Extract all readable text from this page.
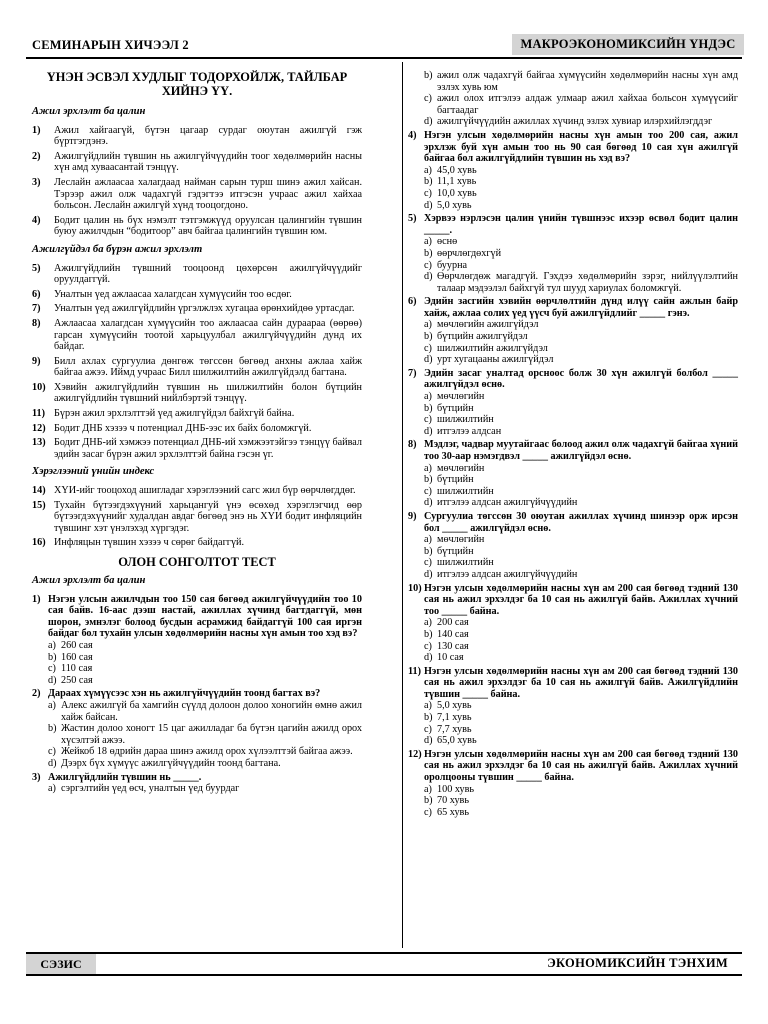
СЕМИНАРЫН ХИЧЭЭЛ 2	МАКРОЭКОНОМИКСИЙН ҮНДЭС
ҮНЭН ЭСВЭЛ ХУДЛЫГ ТОДОРХОЙЛЖ, ТАЙЛБАР ХИЙНЭ ҮҮ.
Ажил эрхлэлт ба цалин
1)	Ажил хайгаагүй, бүтэн цагаар сурдаг оюутан ажилгүй гэж бүртгэгдэнэ.
2)	Ажилгүйдлийн түвшин нь ажилгүйчүүдийн тоог хөдөлмөрийн насны хүн амд хуваасантай тэнцүү.
3)	Леслайн ажлаасаа халагдаад найман сарын турш шинэ ажил хайсан. Тэрээр ажил олж чадахгүй гэдэгтээ итгэсэн учраас ажил хайхаа больсон. Леслайн ажилгүй хүнд тооцогдоно.
4)	Бодит цалин нь бүх нэмэлт тэтгэмжүүд оруулсан цалингийн түвшин буюу ажилчдын “бодитоор” авч байгаа цалингийн түвшин юм.
Ажилгүйдэл ба бүрэн ажил эрхлэлт
5)	Ажилгүйдлийн түвшний тооцоонд цөхөрсөн ажилгүйчүүдийг оруулдаггүй.
6)	Уналтын үед ажлаасаа халагдсан хүмүүсийн тоо өсдөг.
7)	Уналтын үед ажилгүйдлийн үргэлжлэх хугацаа өрөнхийдөө уртасдаг.
8)	Ажлаасаа халагдсан хүмүүсийн тоо ажлаасаа сайн дураараа (өөрөө) гарсан хүмүүсийн тоотой харьцуулбал ажилгүйчүүдийн дунд их байдаг.
9)	Билл ахлах сургуулиа дөнгөж төгссөн бөгөөд анхны ажлаа хайж байгаа ажээ. Иймд учраас Билл шилжилтийн ажилгүйдэлд багтана.
10) Хэвийн ажилгүйдлийн түвшин нь шилжилтийн болон бүтцийн ажилгүйдлийн түвшний нийлбэртэй тэнцүү.
11) Бүрэн ажил эрхлэлттэй үед ажилгүйдэл байхгүй байна.
12) Бодит ДНБ хэзээ ч потенциал ДНБ-ээс их байх боломжгүй.
13) Бодит ДНБ-ий хэмжээ потенциал ДНБ-ий хэмжээтэйгээ тэнцүү байвал эдийн засаг бүрэн ажил эрхлэлттэй байна гэсэн үг.
Хэрэглээний үнийн индекс
14) ХҮИ-ийг тооцоход ашигладаг хэрэглээний сагс жил бүр өөрчлөгддөг.
15) Тухайн бүтээгдэхүүний харьцангуй үнэ өсөхөд хэрэглэгчид өөр бүтээгдэхүүнийг худалдан авдаг бөгөөд энэ нь ХҮИ бодит инфляцийн түвшинг хэт үнэлэхэд хүргэдэг.
16) Инфляцын түвшин хэзээ ч сөрөг байдаггүй.
ОЛОН СОНГОЛТОТ ТЕСТ
Ажил эрхлэлт ба цалин
1) Нэгэн улсын ажилчдын тоо 150 сая бөгөөд ажилгүйчүүдийн тоо 10 сая байв. 16-аас дээш настай, ажиллах хүчинд багтдаггүй, мөн шорон, эмнэлэг болоод бусдын асрамжид байдаггүй 100 сая иргэн байдаг бол тухайн улсын хөдөлмөрийн насны хүн амын тоо хэд вэ?
a) 260 сая
b) 160 сая
c) 110 сая
d) 250 сая
2) Дараах хүмүүсээс хэн нь ажилгүйчүүдийн тоонд багтах вэ?
a) Алекс ажилгүй ба хамгийн сүүлд долоон долоо хоногийн өмнө ажил хайж байсан.
b) Жастин долоо хоногт 15 цаг ажилладаг ба бүтэн цагийн ажилд орох хүсэлтэй ажээ.
c) Жейкоб 18 өдрийн дараа шинэ ажилд орох хүлээлттэй байгаа ажээ.
d) Дээрх бүх хүмүүс ажилгүйчүүдийн тоонд багтана.
3) Ажилгүйдлийн түвшин нь _____.
a) сэргэлтийн үед өсч, уналтын үед буурдаг
b) ажил олж чадахгүй байгаа хүмүүсийн хөдөлмөрийн насны хүн амд эзлэх хувь юм
c) ажил олох итгэлээ алдаж улмаар ажил хайхаа больсон хүмүүсийг багтаадаг
d) ажилгүйчүүдийн ажиллах хүчинд эзлэх хувиар илэрхийлэгддэг
4) Нэгэн улсын хөдөлмөрийн насны хүн амын тоо 200 сая, ажил эрхлэж буй хүн амын тоо нь 90 сая бөгөөд 10 сая хүн ажилгүй байгаа бол ажилгүйдлийн түвшин нь хэд вэ?
a) 45,0 хувь
b) 11,1 хувь
c) 10,0 хувь
d) 5,0 хувь
5) Хэрвээ нэрлэсэн цалин үнийн түвшнээс ихээр өсвөл бодит цалин _____.
a) өснө
b) өөрчлөгдөхгүй
c) буурна
d) Өөрчлөгдөж магадгүй. Гэхдээ хөдөлмөрийн зэрэг, нийлүүлэлтийн талаар мэдээлэл байхгүй тул шууд хариулах боломжгүй.
6) Эдийн засгийн хэвийн өөрчлөлтийн дүнд илүү сайн ажлын байр хайж, ажлаа солих үед үүсч буй ажилгүйдлийг _____ гэнэ.
a) мөчлөгийн ажилгүйдэл
b) бүтцийн ажилгүйдэл
c) шилжилтийн ажилгүйдэл
d) урт хугацааны ажилгүйдэл
7) Эдийн засаг уналтад орсноос болж 30 хүн ажилгүй болбол _____ ажилгүйдэл өснө.
a) мөчлөгийн
b) бүтцийн
c) шилжилтийн
d) итгэлээ алдсан
8) Мэдлэг, чадвар муутайгаас болоод ажил олж чадахгүй байгаа хүний тоо 30-аар нэмэгдвэл _____ ажилгүйдэл өснө.
a) мөчлөгийн
b) бүтцийн
c) шилжилтийн
d) итгэлээ алдсан ажилгүйчүүдийн
9) Сургуулиа төгссөн 30 оюутан ажиллах хүчинд шинээр орж ирсэн бол _____ ажилгүйдэл өснө.
a) мөчлөгийн
b) бүтцийн
c) шилжилтийн
d) итгэлээ алдсан ажилгүйчүүдийн
10) Нэгэн улсын хөдөлмөрийн насны хүн ам 200 сая бөгөөд тэдний 130 сая нь ажил эрхэлдэг ба 10 сая нь ажилгүй байв. Ажиллах хүчний тоо _____ байна.
a) 200 сая
b) 140 сая
c) 130 сая
d) 10 сая
11) Нэгэн улсын хөдөлмөрийн насны хүн ам 200 сая бөгөөд тэдний 130 сая нь ажил эрхэлдэг ба 10 сая нь ажилгүй байв. Ажилгүйдлийн түвшин _____ байна.
a) 5,0 хувь
b) 7,1 хувь
c) 7,7 хувь
d) 65,0 хувь
12) Нэгэн улсын хөдөлмөрийн насны хүн ам 200 сая бөгөөд тэдний 130 сая нь ажил эрхэлдэг ба 10 сая нь ажилгүй байв. Ажиллах хүчний оролцооны түвшин _____ байна.
a) 100 хувь
b) 70 хувь
c) 65 хувь
СЭЗИС	ЭКОНОМИКСИЙН ТЭНХИМ
